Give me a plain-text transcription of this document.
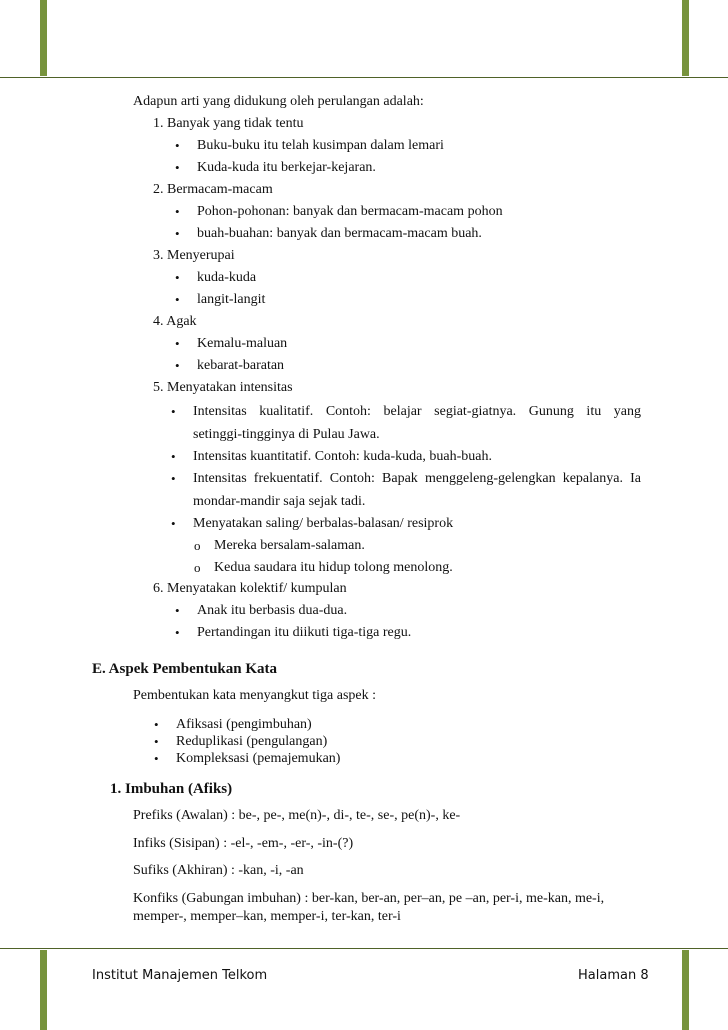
Adapun arti yang didukung oleh perulangan adalah:
1. Banyak yang tidak tentu
• Buku-buku itu telah kusimpan dalam lemari
• Kuda-kuda itu berkejar-kejaran.
2. Bermacam-macam
• Pohon-pohonan: banyak dan bermacam-macam pohon
• buah-buahan: banyak dan bermacam-macam buah.
3. Menyerupai
• kuda-kuda
• langit-langit
4. Agak
• Kemalu-maluan
• kebarat-baratan
5. Menyatakan intensitas
• Intensitas kualitatif. Contoh: belajar segiat-giatnya. Gunung itu yang
setinggi-tingginya di Pulau Jawa.
• Intensitas kuantitatif. Contoh: kuda-kuda, buah-buah.
• Intensitas frekuentatif. Contoh: Bapak menggeleng-gelengkan kepalanya. Ia
mondar-mandir saja sejak tadi.
• Menyatakan saling/ berbalas-balasan/ resiprok
o Mereka bersalam-salaman.
o Kedua saudara itu hidup tolong menolong.
6. Menyatakan kolektif/ kumpulan
• Anak itu berbasis dua-dua.
• Pertandingan itu diikuti tiga-tiga regu.
E. Aspek Pembentukan Kata
Pembentukan kata menyangkut tiga aspek :
• Afiksasi (pengimbuhan)
• Reduplikasi (pengulangan)
• Kompleksasi (pemajemukan)
1. Imbuhan (Afiks)
Prefiks (Awalan) : be-, pe-, me(n)-, di-, te-, se-, pe(n)-, ke-
Infiks (Sisipan) : -el-, -em-, -er-, -in-(?)
Sufiks (Akhiran) : -kan, -i, -an
Konfiks (Gabungan imbuhan) : ber-kan, ber-an, per–an, pe –an, per-i, me-kan, me-i,
memper-, memper–kan, memper-i, ter-kan, ter-i
Institut Manajemen Telkom	Halaman 8
